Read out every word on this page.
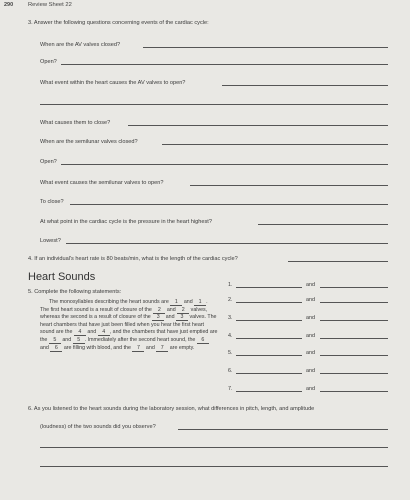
290	Review Sheet 22
3. Answer the following questions concerning events of the cardiac cycle:
When are the AV valves closed?
Open?
What event within the heart causes the AV valves to open?
What causes them to close?
When are the semilunar valves closed?
Open?
What event causes the semilunar valves to open?
To close?
At what point in the cardiac cycle is the pressure in the heart highest?
Lowest?
4. If an individual's heart rate is 80 beats/min, what is the length of the cardiac cycle?
Heart Sounds
5. Complete the following statements:
The monosyllables describing the heart sounds are 1 and 1 . The first heart sound is a result of closure of the 2 and 2 valves, whereas the second is a result of closure of the 3 and 3 valves. The heart chambers that have just been filled when you hear the first heart sound are the 4 and 4 , and the chambers that have just emptied are the 5 and 5 . Immediately after the second heart sound, the 6 and 6 are filling with blood, and the 7 and 7 are empty.
1.	and
2.	and
3.	and
4.	and
5.	and
6.	and
7.	and
6. As you listened to the heart sounds during the laboratory session, what differences in pitch, length, and amplitude
(loudness) of the two sounds did you observe?
